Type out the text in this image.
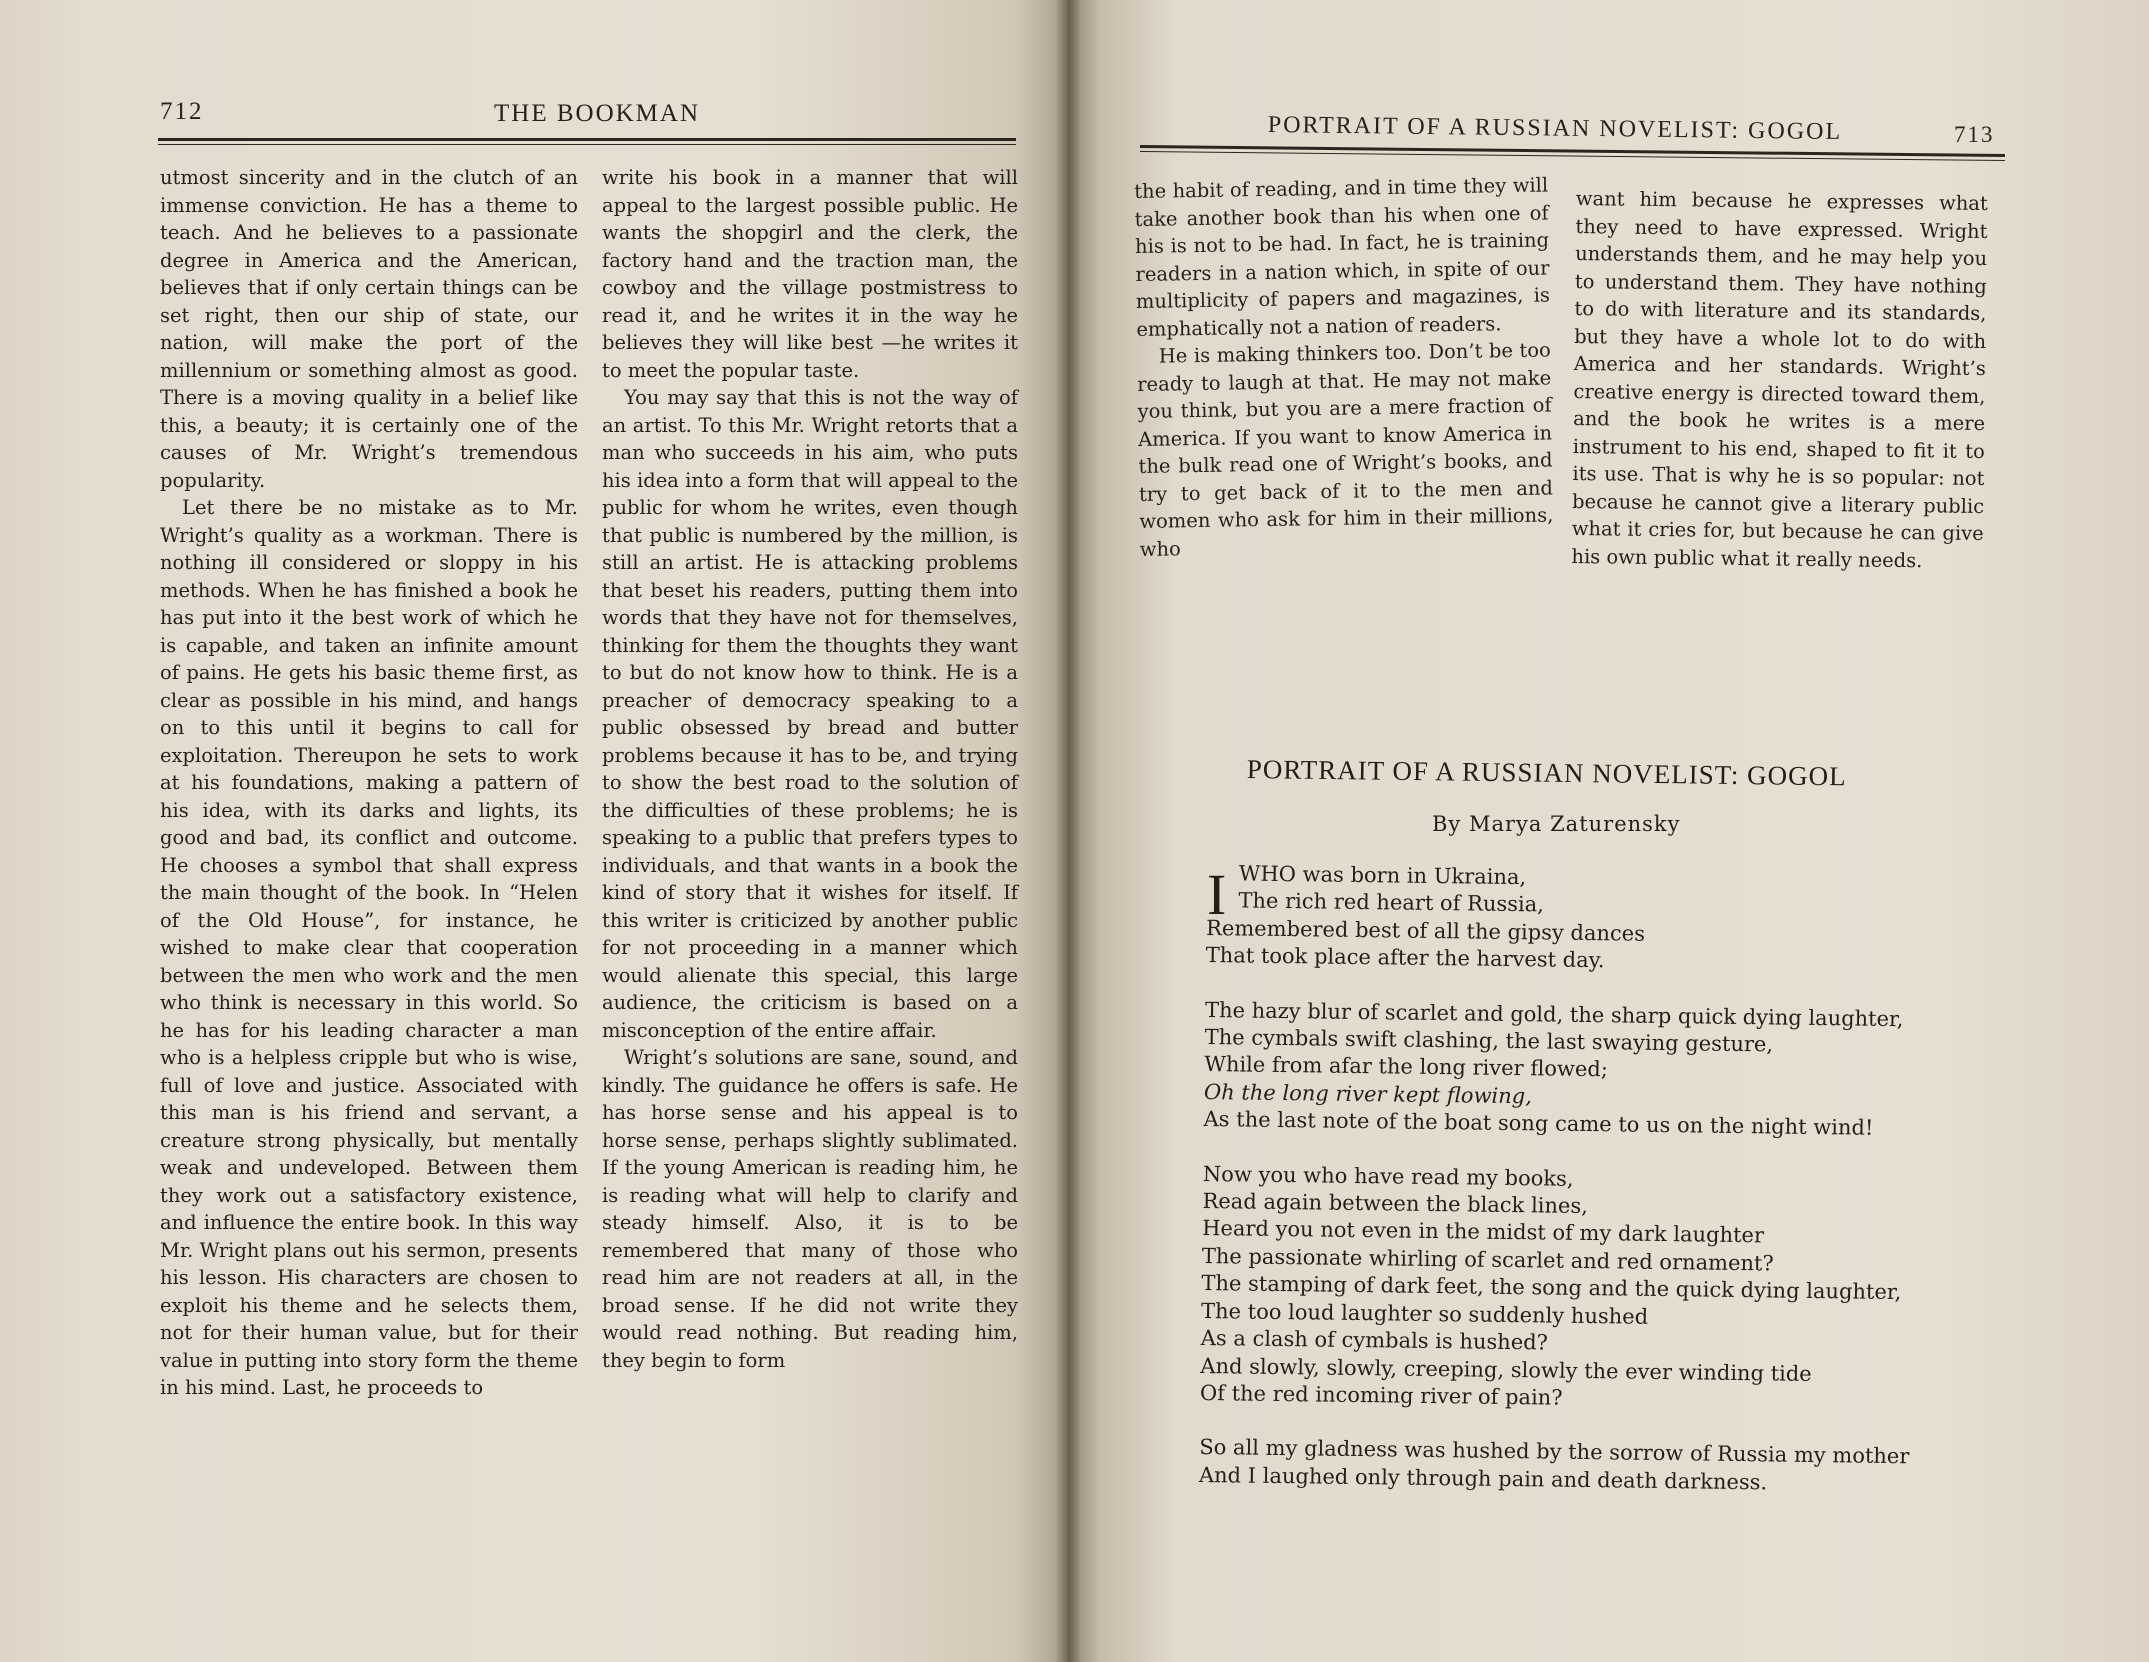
712	THE BOOKMAN

utmost sincerity and in the clutch of an immense conviction. He has a theme to teach. And he believes to a passionate degree in America and the American, believes that if only certain things can be set right, then our ship of state, our nation, will make the port of the millennium or something almost as good. There is a moving quality in a belief like this, a beauty; it is certainly one of the causes of Mr. Wright’s tremendous popularity.

Let there be no mistake as to Mr. Wright’s quality as a workman. There is nothing ill considered or sloppy in his methods. When he has finished a book he has put into it the best work of which he is capable, and taken an infinite amount of pains. He gets his basic theme first, as clear as possible in his mind, and hangs on to this until it begins to call for exploitation. Thereupon he sets to work at his foundations, making a pattern of his idea, with its darks and lights, its good and bad, its conflict and outcome. He chooses a symbol that shall express the main thought of the book. In “Helen of the Old House”, for instance, he wished to make clear that cooperation between the men who work and the men who think is necessary in this world. So he has for his leading character a man who is a helpless cripple but who is wise, full of love and justice. Associated with this man is his friend and servant, a creature strong physically, but mentally weak and undeveloped. Between them they work out a satisfactory existence, and influence the entire book. In this way Mr. Wright plans out his sermon, presents his lesson. His characters are chosen to exploit his theme and he selects them, not for their human value, but for their value in putting into story form the theme in his mind. Last, he proceeds to

write his book in a manner that will appeal to the largest possible public. He wants the shopgirl and the clerk, the factory hand and the traction man, the cowboy and the village postmistress to read it, and he writes it in the way he believes they will like best —he writes it to meet the popular taste.

You may say that this is not the way of an artist. To this Mr. Wright retorts that a man who succeeds in his aim, who puts his idea into a form that will appeal to the public for whom he writes, even though that public is numbered by the million, is still an artist. He is attacking problems that beset his readers, putting them into words that they have not for themselves, thinking for them the thoughts they want to but do not know how to think. He is a preacher of democracy speaking to a public obsessed by bread and butter problems because it has to be, and trying to show the best road to the solution of the difficulties of these problems; he is speaking to a public that prefers types to individuals, and that wants in a book the kind of story that it wishes for itself. If this writer is criticized by another public for not proceeding in a manner which would alienate this special, this large audience, the criticism is based on a misconception of the entire affair.

Wright’s solutions are sane, sound, and kindly. The guidance he offers is safe. He has horse sense and his appeal is to horse sense, perhaps slightly sublimated. If the young American is reading him, he is reading what will help to clarify and steady himself. Also, it is to be remembered that many of those who read him are not readers at all, in the broad sense. If he did not write they would read nothing. But reading him, they begin to form

PORTRAIT OF A RUSSIAN NOVELIST: GOGOL	713

the habit of reading, and in time they will take another book than his when one of his is not to be had. In fact, he is training readers in a nation which, in spite of our multiplicity of papers and magazines, is emphatically not a nation of readers.

He is making thinkers too. Don’t be too ready to laugh at that. He may not make you think, but you are a mere fraction of America. If you want to know America in the bulk read one of Wright’s books, and try to get back of it to the men and women who ask for him in their millions, who

want him because he expresses what they need to have expressed. Wright understands them, and he may help you to understand them. They have nothing to do with literature and its standards, but they have a whole lot to do with America and her standards. Wright’s creative energy is directed toward them, and the book he writes is a mere instrument to his end, shaped to fit it to its use. That is why he is so popular: not because he cannot give a literary public what it cries for, but because he can give his own public what it really needs.

PORTRAIT OF A RUSSIAN NOVELIST: GOGOL
By Marya Zaturensky
I WHO was born in Ukraina,
The rich red heart of Russia,
Remembered best of all the gipsy dances
That took place after the harvest day.
The hazy blur of scarlet and gold, the sharp quick dying laughter,
The cymbals swift clashing, the last swaying gesture,
While from afar the long river flowed;
Oh the long river kept flowing,
As the last note of the boat song came to us on the night wind!
Now you who have read my books,
Read again between the black lines,
Heard you not even in the midst of my dark laughter
The passionate whirling of scarlet and red ornament?
The stamping of dark feet, the song and the quick dying laughter,
The too loud laughter so suddenly hushed
As a clash of cymbals is hushed?
And slowly, slowly, creeping, slowly the ever winding tide
Of the red incoming river of pain?
So all my gladness was hushed by the sorrow of Russia my mother
And I laughed only through pain and death darkness.
